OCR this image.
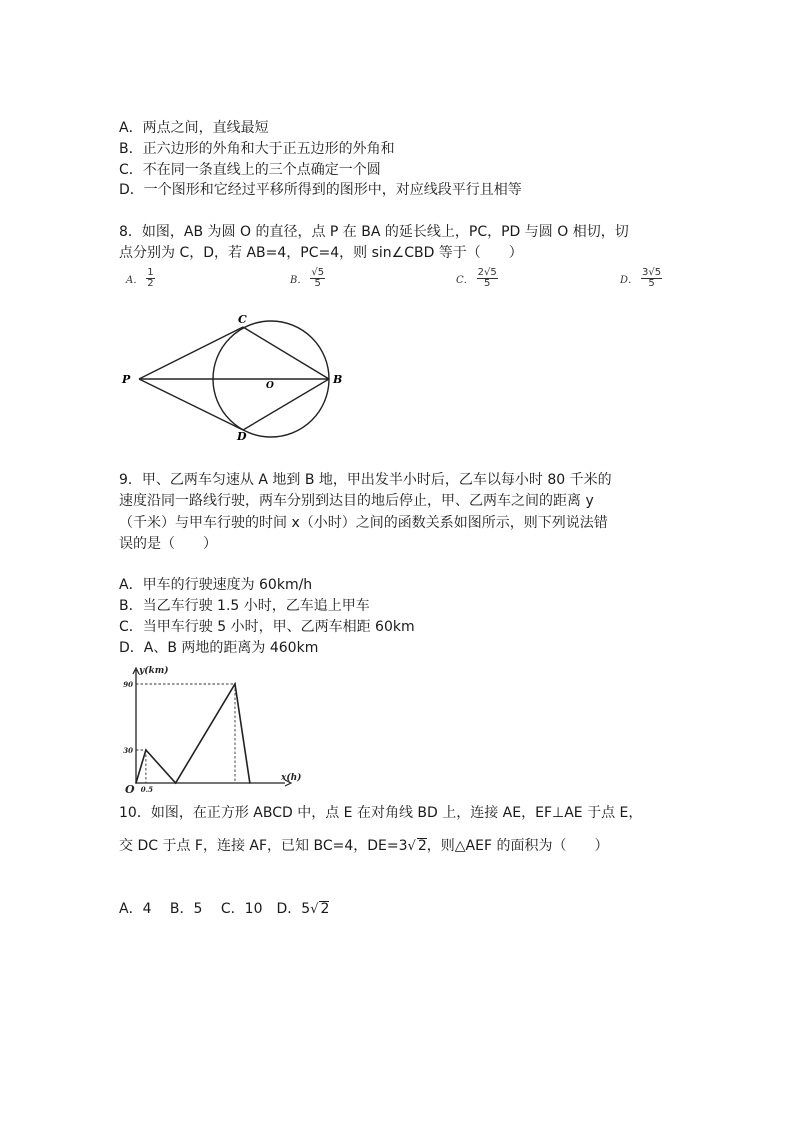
A．两点之间，直线最短
B．正六边形的外角和大于正五边形的外角和
C．不在同一条直线上的三个点确定一个圆
D．一个图形和它经过平移所得到的图形中，对应线段平行且相等
8．如图，AB 为圆 O 的直径，点 P 在 BA 的延长线上，PC，PD 与圆 O 相切，切
点分别为 C，D，若 AB=4，PC=4，则 sin∠CBD 等于（　　）
A． $\frac{1}{2}$	B． $\frac{√5}{5}$	C． $\frac{2√5}{5}$	D． $\frac{3√5}{5}$
P
C
O	B
D
9．甲、乙两车匀速从 A 地到 B 地，甲出发半小时后，乙车以每小时 80 千米的
速度沿同一路线行驶，两车分别到达目的地后停止，甲、乙两车之间的距离 y
（千米）与甲车行驶的时间 x（小时）之间的函数关系如图所示，则下列说法错
误的是（　　）
A．甲车的行驶速度为 60km/h
B．当乙车行驶 1.5 小时，乙车追上甲车
C．当甲车行驶 5 小时，甲、乙两车相距 60km
D．A、B 两地的距离为 460km
30
90
0.5
O
y(km)
x(h)
10．如图，在正方形 ABCD 中，点 E 在对角线 BD 上，连接 AE，EF⊥AE 于点 E，
交 DC 于点 F，连接 AF，已知 BC=4，DE=3√ 2，则△AEF 的面积为（　　）
A．4　 B．5　 C．10　D．5√ 2
